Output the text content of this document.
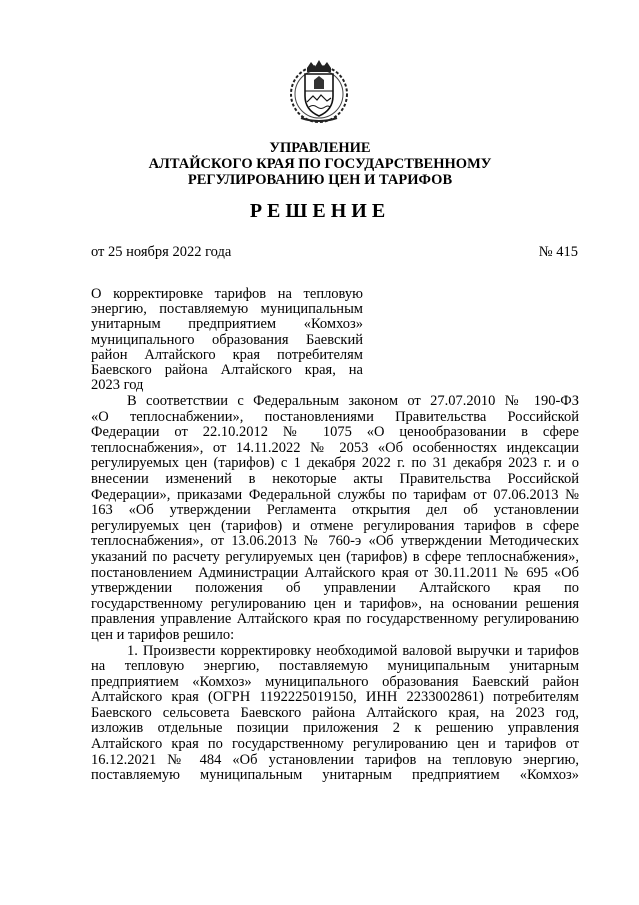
УПРАВЛЕНИЕ
АЛТАЙСКОГО КРАЯ ПО ГОСУДАРСТВЕННОМУ
РЕГУЛИРОВАНИЮ ЦЕН И ТАРИФОВ
РЕШЕНИЕ
от 25 ноября 2022 года	№ 415
О корректировке тарифов на тепловую
энергию, поставляемую муниципальным
унитарным предприятием «Комхоз»
муниципального образования Баевский
район Алтайского края потребителям
Баевского района Алтайского края, на
2023 год
В соответствии с Федеральным законом от 27.07.2010 № 190-ФЗ
«О теплоснабжении», постановлениями Правительства Российской
Федерации от 22.10.2012 № 1075 «О ценообразовании в сфере
теплоснабжения», от 14.11.2022 № 2053 «Об особенностях индексации
регулируемых цен (тарифов) с 1 декабря 2022 г. по 31 декабря 2023 г. и о
внесении изменений в некоторые акты Правительства Российской
Федерации», приказами Федеральной службы по тарифам от 07.06.2013 №
163 «Об утверждении Регламента открытия дел об установлении
регулируемых цен (тарифов) и отмене регулирования тарифов в сфере
теплоснабжения», от 13.06.2013 № 760-э «Об утверждении Методических
указаний по расчету регулируемых цен (тарифов) в сфере теплоснабжения»,
постановлением Администрации Алтайского края от 30.11.2011 № 695 «Об
утверждении положения об управлении Алтайского края по
государственному регулированию цен и тарифов», на основании решения
правления управление Алтайского края по государственному регулированию
цен и тарифов решило:
1. Произвести корректировку необходимой валовой выручки и тарифов
на тепловую энергию, поставляемую муниципальным унитарным
предприятием «Комхоз» муниципального образования Баевский район
Алтайского края (ОГРН 1192225019150, ИНН 2233002861) потребителям
Баевского сельсовета Баевского района Алтайского края, на 2023 год,
изложив отдельные позиции приложения 2 к решению управления
Алтайского края по государственному регулированию цен и тарифов от
16.12.2021 № 484 «Об установлении тарифов на тепловую энергию,
поставляемую муниципальным унитарным предприятием «Комхоз»
